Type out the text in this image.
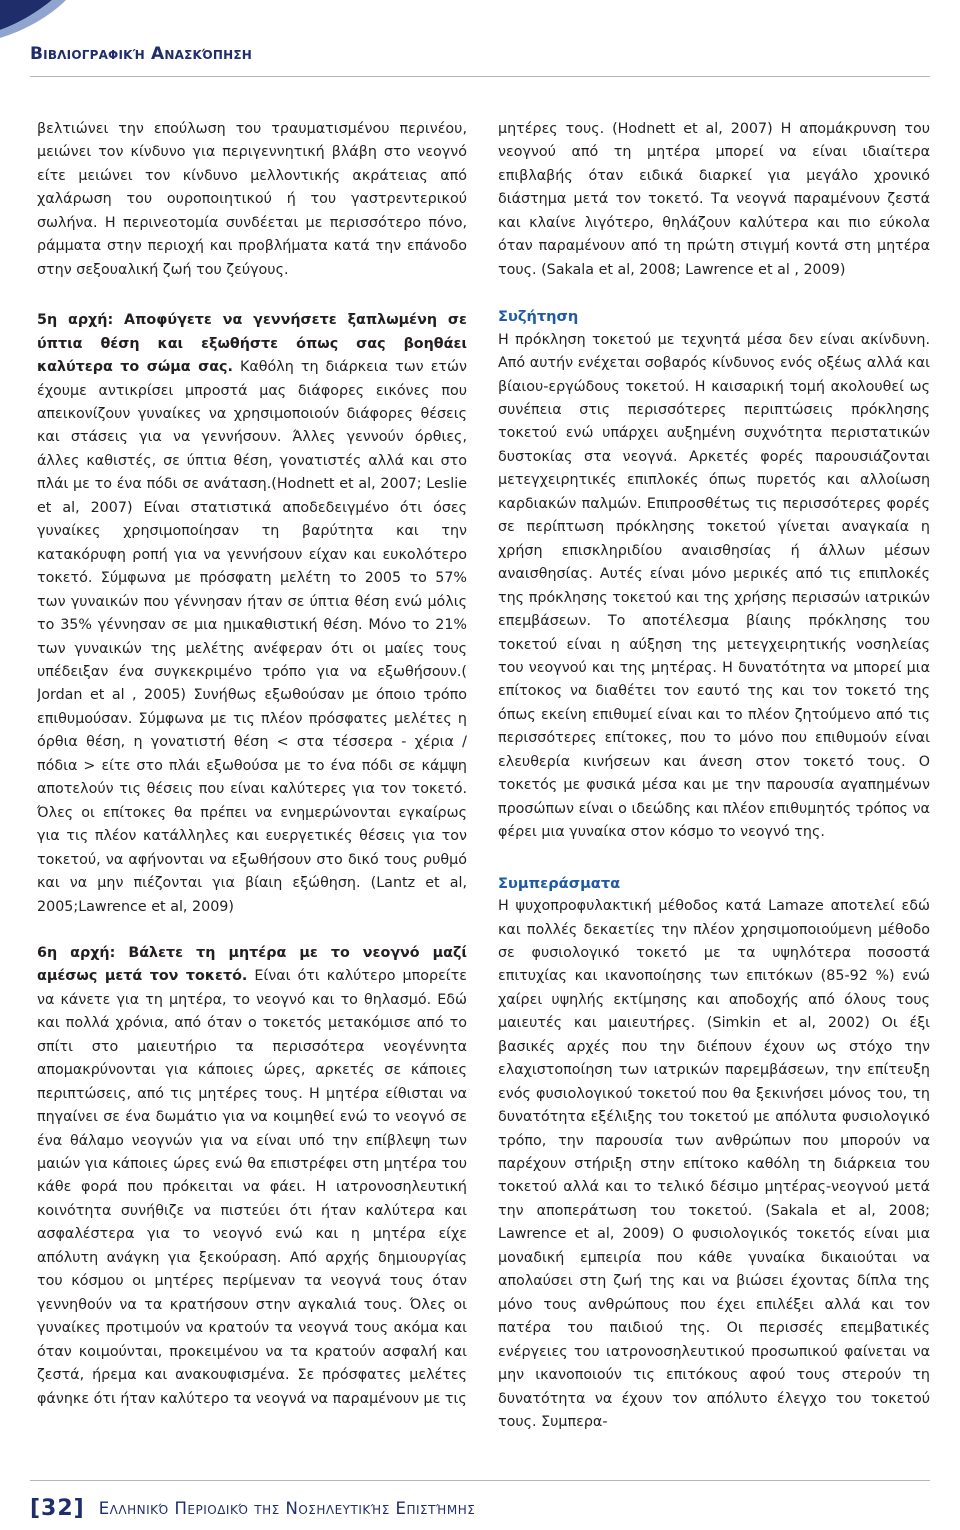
Βιβλιογραφική Ανασκόπηση

βελτιώνει την επούλωση του τραυματισμένου περινέου, μειώνει τον κίνδυνο για περιγεννητική βλάβη στο νεογνό είτε μειώνει τον κίνδυνο μελλοντικής ακράτειας από χαλάρωση του ουροποιητικού ή του γαστρεντερικού σωλήνα. Η περινεοτομία συνδέεται με περισσότερο πόνο, ράμματα στην περιοχή και προβλήματα κατά την επάνοδο στην σεξουαλική ζωή του ζεύγους.

5η αρχή: Αποφύγετε να γεννήσετε ξαπλωμένη σε ύπτια θέση και εξωθήστε όπως σας βοηθάει καλύτερα το σώμα σας. Καθόλη τη διάρκεια των ετών έχουμε αντικρίσει μπροστά μας διάφορες εικόνες που απεικονίζουν γυναίκες να χρησιμοποιούν διάφορες θέσεις και στάσεις για να γεννήσουν. Άλλες γεννούν όρθιες, άλλες καθιστές, σε ύπτια θέση, γονατιστές αλλά και στο πλάι με το ένα πόδι σε ανάταση.(Hodnett et al, 2007; Leslie et al, 2007) Είναι στατιστικά αποδεδειγμένο ότι όσες γυναίκες χρησιμοποίησαν τη βαρύτητα και την κατακόρυφη ροπή για να γεννήσουν είχαν και ευκολότερο τοκετό. Σύμφωνα με πρόσφατη μελέτη το 2005 το 57% των γυναικών που γέννησαν ήταν σε ύπτια θέση ενώ μόλις το 35% γέννησαν σε μια ημικαθιστική θέση. Μόνο το 21% των γυναικών της μελέτης ανέφεραν ότι οι μαίες τους υπέδειξαν ένα συγκεκριμένο τρόπο για να εξωθήσουν.( Jordan et al , 2005) Συνήθως εξωθούσαν με όποιο τρόπο επιθυμούσαν. Σύμφωνα με τις πλέον πρόσφατες μελέτες η όρθια θέση, η γονατιστή θέση < στα τέσσερα - χέρια / πόδια > είτε στο πλάι εξωθούσα με το ένα πόδι σε κάμψη αποτελούν τις θέσεις που είναι καλύτερες για τον τοκετό. Όλες οι επίτοκες θα πρέπει να ενημερώνονται εγκαίρως για τις πλέον κατάλληλες και ευεργετικές θέσεις για τον τοκετού, να αφήνονται να εξωθήσουν στο δικό τους ρυθμό και να μην πιέζονται για βίαιη εξώθηση. (Lantz et al, 2005;Lawrence et al, 2009)

6η αρχή: Βάλετε τη μητέρα με το νεογνό μαζί αμέσως μετά τον τοκετό. Είναι ότι καλύτερο μπορείτε να κάνετε για τη μητέρα, το νεογνό και το θηλασμό. Εδώ και πολλά χρόνια, από όταν ο τοκετός μετακόμισε από το σπίτι στο μαιευτήριο τα περισσότερα νεογέννητα απομακρύνονται για κάποιες ώρες, αρκετές σε κάποιες περιπτώσεις, από τις μητέρες τους. Η μητέρα είθισται να πηγαίνει σε ένα δωμάτιο για να κοιμηθεί ενώ το νεογνό σε ένα θάλαμο νεογνών για να είναι υπό την επίβλεψη των μαιών για κάποιες ώρες ενώ θα επιστρέφει στη μητέρα του κάθε φορά που πρόκειται να φάει. Η ιατρονοσηλευτική κοινότητα συνήθιζε να πιστεύει ότι ήταν καλύτερα και ασφαλέστερα για το νεογνό ενώ και η μητέρα είχε απόλυτη ανάγκη για ξεκούραση. Από αρχής δημιουργίας του κόσμου οι μητέρες περίμεναν τα νεογνά τους όταν γεννηθούν να τα κρατήσουν στην αγκαλιά τους. Όλες οι γυναίκες προτιμούν να κρατούν τα νεογνά τους ακόμα και όταν κοιμούνται, προκειμένου να τα κρατούν ασφαλή και ζεστά, ήρεμα και ανακουφισμένα. Σε πρόσφατες μελέτες φάνηκε ότι ήταν καλύτερο τα νεογνά να παραμένουν με τις

μητέρες τους. (Hodnett et al, 2007) Η απομάκρυνση του νεογνού από τη μητέρα μπορεί να είναι ιδιαίτερα επιβλαβής όταν ειδικά διαρκεί για μεγάλο χρονικό διάστημα μετά τον τοκετό. Τα νεογνά παραμένουν ζεστά και κλαίνε λιγότερο, θηλάζουν καλύτερα και πιο εύκολα όταν παραμένουν από τη πρώτη στιγμή κοντά στη μητέρα τους. (Sakala et al, 2008; Lawrence et al , 2009)

Συζήτηση

Η πρόκληση τοκετού με τεχνητά μέσα δεν είναι ακίνδυνη. Από αυτήν ενέχεται σοβαρός κίνδυνος ενός οξέως αλλά και βίαιου-εργώδους τοκετού. Η καισαρική τομή ακολουθεί ως συνέπεια στις περισσότερες περιπτώσεις πρόκλησης τοκετού ενώ υπάρχει αυξημένη συχνότητα περιστατικών δυστοκίας στα νεογνά. Αρκετές φορές παρουσιάζονται μετεγχειρητικές επιπλοκές όπως πυρετός και αλλοίωση καρδιακών παλμών. Επιπροσθέτως τις περισσότερες φορές σε περίπτωση πρόκλησης τοκετού γίνεται αναγκαία η χρήση επισκληριδίου αναισθησίας ή άλλων μέσων αναισθησίας. Αυτές είναι μόνο μερικές από τις επιπλοκές της πρόκλησης τοκετού και της χρήσης περισσών ιατρικών επεμβάσεων. Το αποτέλεσμα βίαιης πρόκλησης του τοκετού είναι η αύξηση της μετεγχειρητικής νοσηλείας του νεογνού και της μητέρας. Η δυνατότητα να μπορεί μια επίτοκος να διαθέτει τον εαυτό της και τον τοκετό της όπως εκείνη επιθυμεί είναι και το πλέον ζητούμενο από τις περισσότερες επίτοκες, που το μόνο που επιθυμούν είναι ελευθερία κινήσεων και άνεση στον τοκετό τους. Ο τοκετός με φυσικά μέσα και με την παρουσία αγαπημένων προσώπων είναι ο ιδεώδης και πλέον επιθυμητός τρόπος να φέρει μια γυναίκα στον κόσμο το νεογνό της.

Συμπεράσματα

Η ψυχοπροφυλακτική μέθοδος κατά Lamaze αποτελεί εδώ και πολλές δεκαετίες την πλέον χρησιμοποιούμενη μέθοδο σε φυσιολογικό τοκετό με τα υψηλότερα ποσοστά επιτυχίας και ικανοποίησης των επιτόκων (85-92 %) ενώ χαίρει υψηλής εκτίμησης και αποδοχής από όλους τους μαιευτές και μαιευτήρες. (Simkin et al, 2002) Οι έξι βασικές αρχές που την διέπουν έχουν ως στόχο την ελαχιστοποίηση των ιατρικών παρεμβάσεων, την επίτευξη ενός φυσιολογικού τοκετού που θα ξεκινήσει μόνος του, τη δυνατότητα εξέλιξης του τοκετού με απόλυτα φυσιολογικό τρόπο, την παρουσία των ανθρώπων που μπορούν να παρέχουν στήριξη στην επίτοκο καθόλη τη διάρκεια του τοκετού αλλά και το τελικό δέσιμο μητέρας-νεογνού μετά την αποπεράτωση του τοκετού. (Sakala et al, 2008; Lawrence et al, 2009) Ο φυσιολογικός τοκετός είναι μια μοναδική εμπειρία που κάθε γυναίκα δικαιούται να απολαύσει στη ζωή της και να βιώσει έχοντας δίπλα της μόνο τους ανθρώπους που έχει επιλέξει αλλά και τον πατέρα του παιδιού της. Οι περισσές επεμβατικές ενέργειες του ιατρονοσηλευτικού προσωπικού φαίνεται να μην ικανοποιούν τις επιτόκους αφού τους στερούν τη δυνατότητα να έχουν τον απόλυτο έλεγχο του τοκετού τους. Συμπερα-

[32] Ελληνικό Περιοδικό της Νοσηλευτικής Επιστήμης
